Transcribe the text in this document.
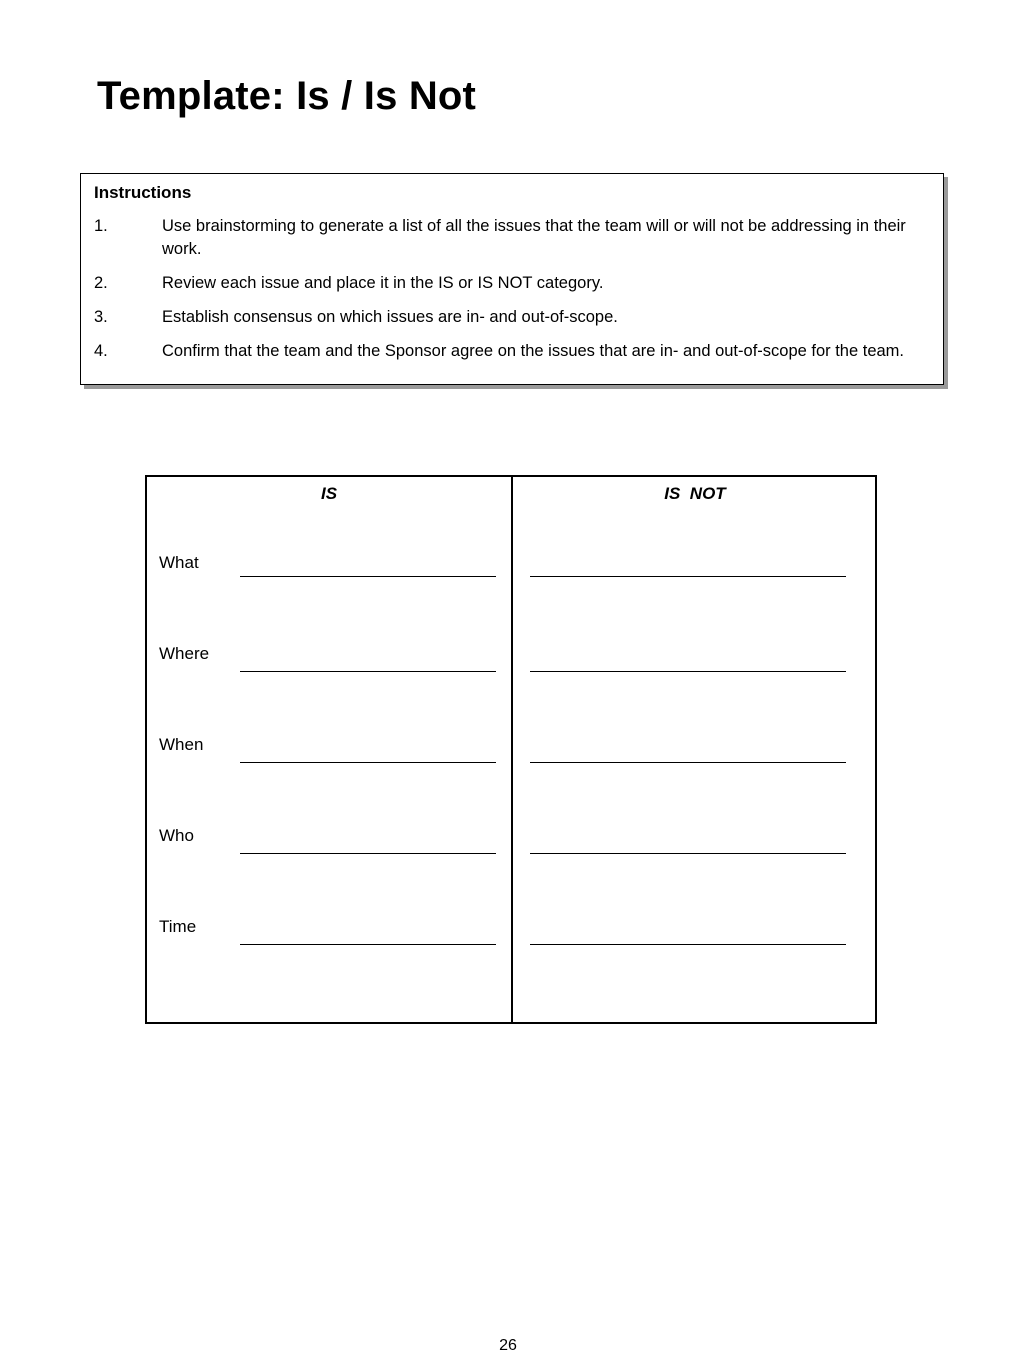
Template: Is / Is Not
Instructions
1.	Use brainstorming to generate a list of all the issues that the team will or will not be addressing in their work.
2.	Review each issue and place it in the IS or IS NOT category.
3.	Establish consensus on which issues are in- and out-of-scope.
4.	Confirm that the team and the Sponsor agree on the issues that are in- and out-of-scope for the team.
IS	IS  NOT
What
Where
When
Who
Time
26
